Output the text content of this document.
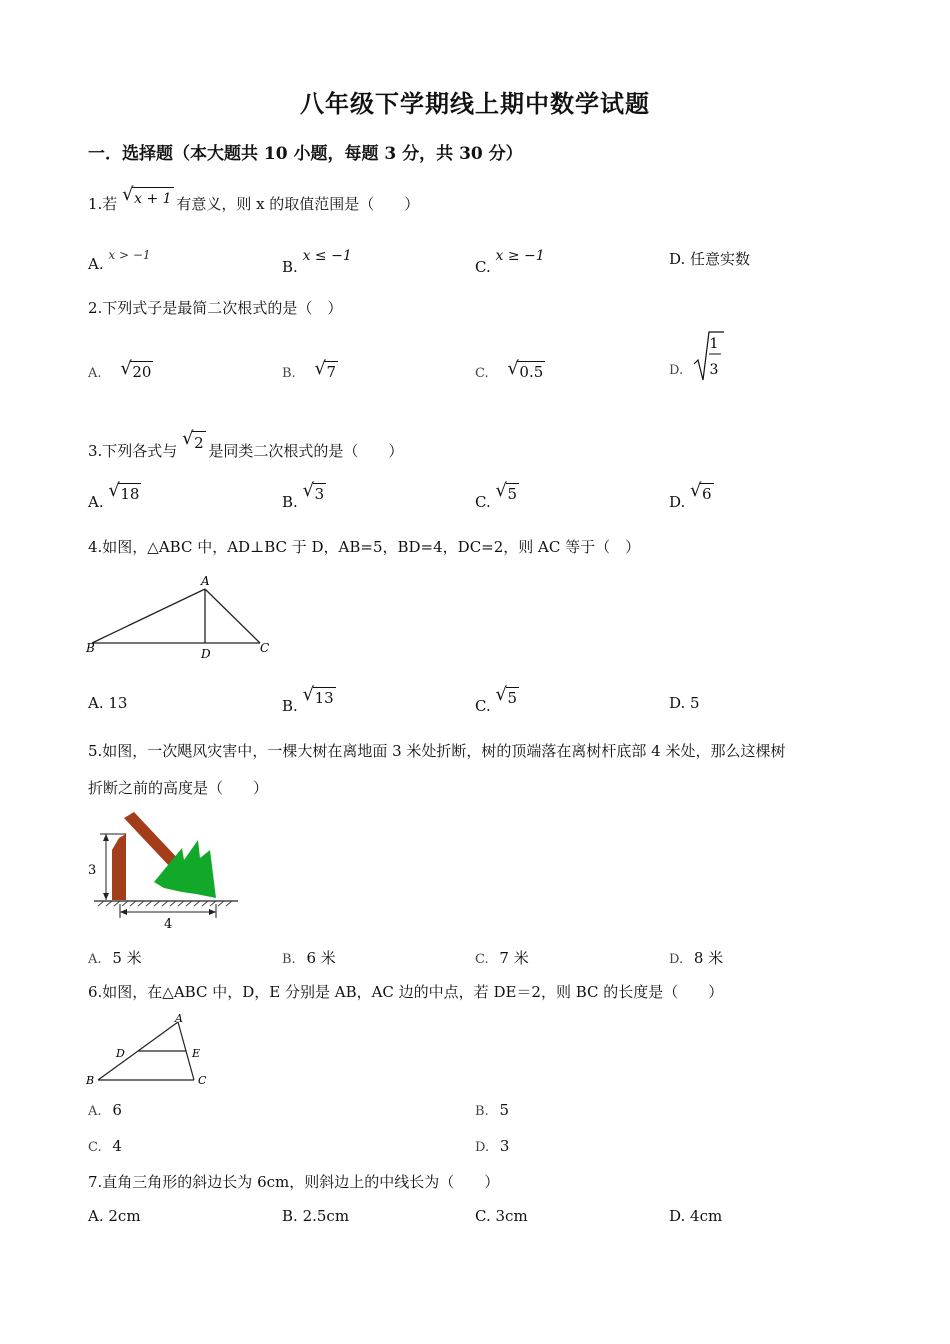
八年级下学期线上期中数学试题
一．选择题（本大题共 10 小题，每题 3 分，共 30 分）
1.若 √ x + 1 有意义，则 x 的取值范围是（　　）
A. $^{x > -1}$
B. x ≤ −1
C. x ≥ −1	D. 任意实数
2.下列式子是最简二次根式的是（　）
A. √ 20	B. √ 7	C. √ 0.5	D.
1
3
3.下列各式与
√ 2 是同类二次根式的是（　　）
A.
√ 18	B.
√ 3	C.
√ 5	D.
√ 6
4.如图，△ABC 中，AD⊥BC 于 D，AB=5，BD=4，DC=2，则 AC 等于（　）
A
B	C
D
A. 13	B.
√ 13	C.
√ 5	D. 5
5.如图，一次飓风灾害中，一棵大树在离地面 3 米处折断，树的顶端落在离树杆底部 4 米处，那么这棵树
折断之前的高度是（　　）
3
4
A. 5 米	B. 6 米	C. 7 米	D. 8 米
6.如图，在△ABC 中，D，E 分别是 AB，AC 边的中点，若 DE＝2，则 BC 的长度是（　　）
A
B	C
D	E
A. 6	B. 5
C. 4	D. 3
7.直角三角形的斜边长为 6cm，则斜边上的中线长为（　　）
A. 2cm	B. 2.5cm	C. 3cm	D. 4cm
